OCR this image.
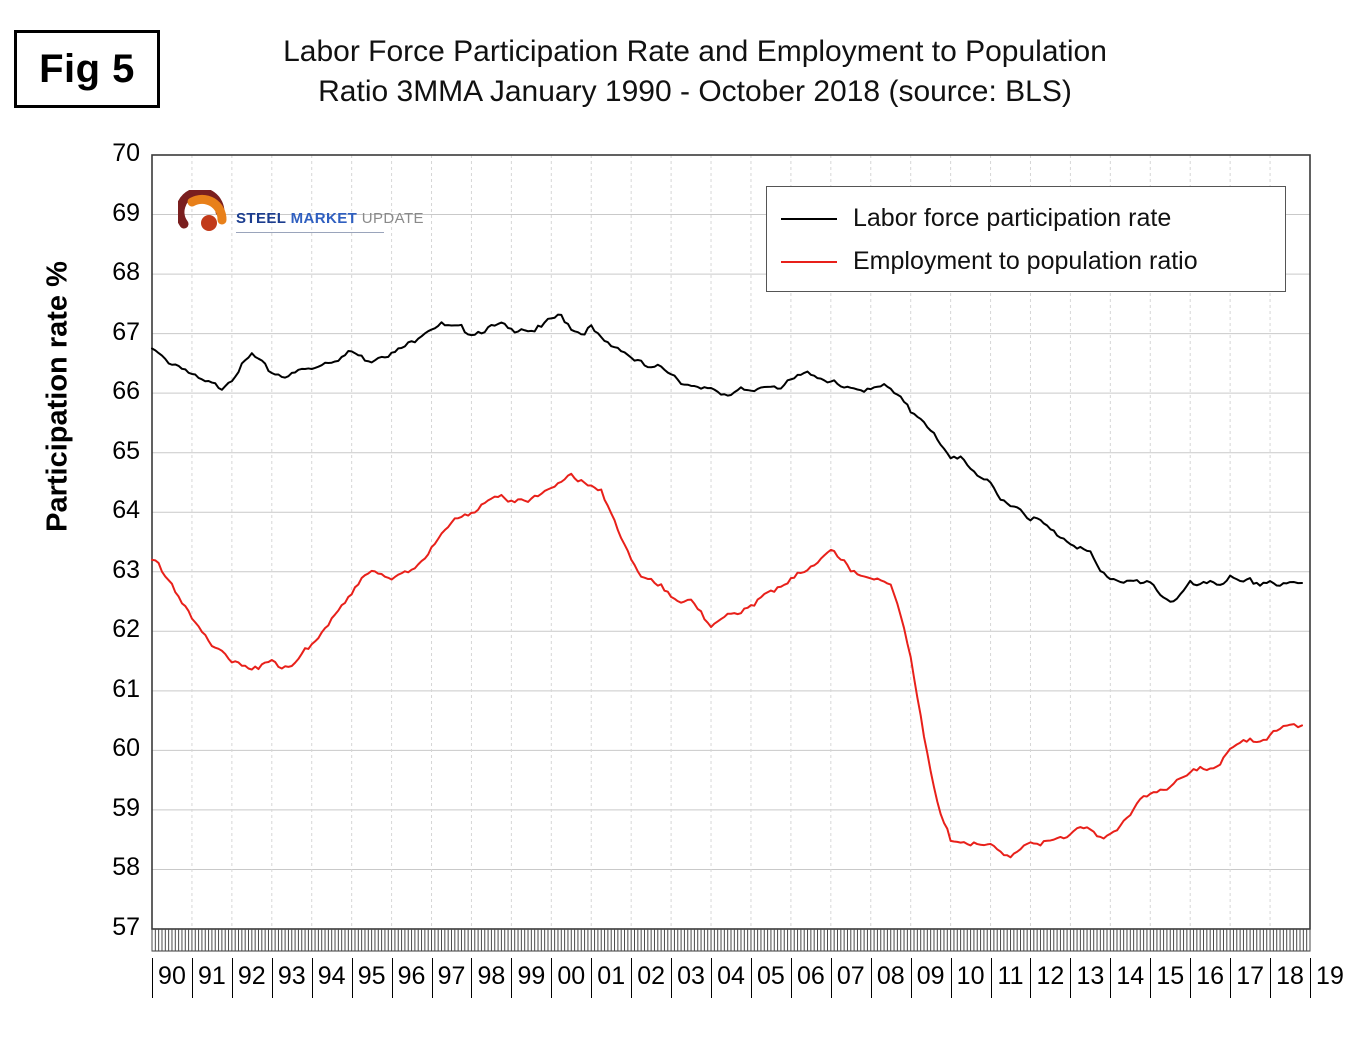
Fig 5	Labor Force Participation Rate and Employment to Population
Ratio 3MMA January 1990 - October 2018 (source: BLS)
Participation rate %
70
69
68
67
66
65
64
63
62
61
60
59
58
57
90 91 92 93 94 95 96 97 98 99 00 01 02 03 04 05 06 07 08 09 10 11 12 13 14 15 16 17 18 19
STEEL MARKET UPDATE	Labor force participation rate
Employment to population ratio
